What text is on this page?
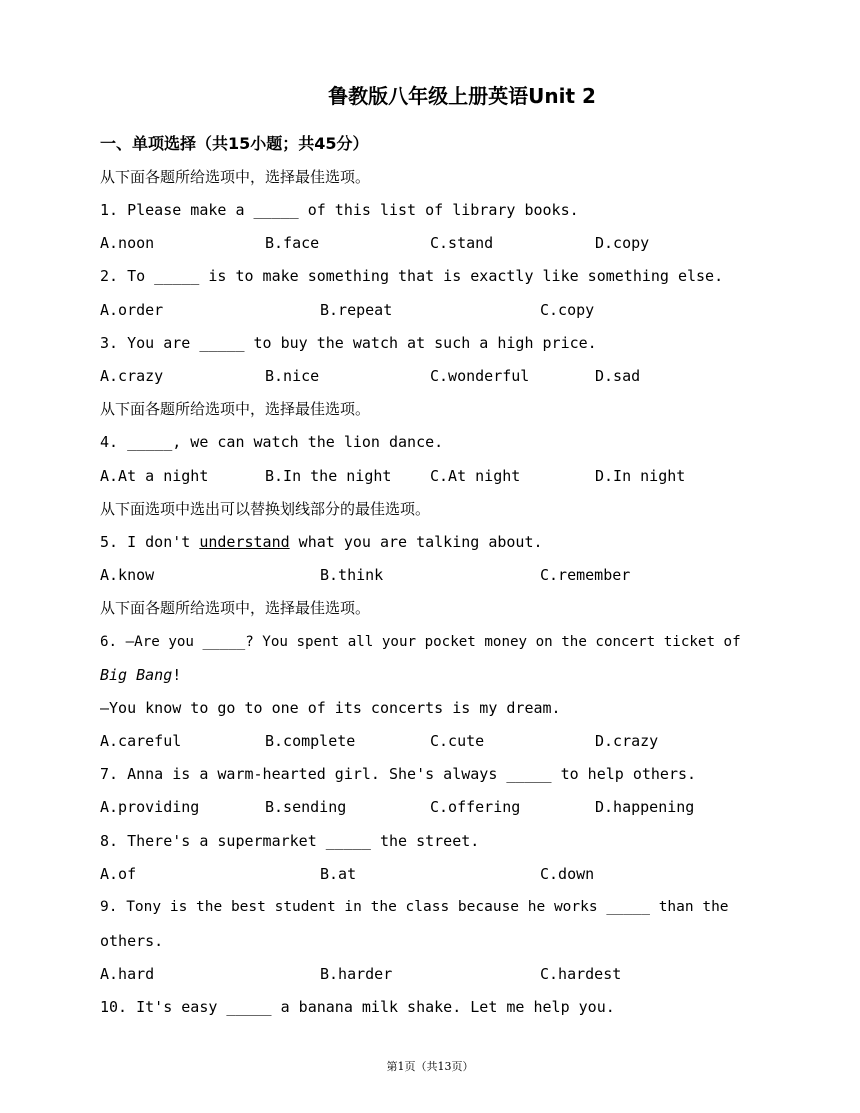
鲁教版八年级上册英语Unit 2
一、单项选择（共15小题；共45分）
从下面各题所给选项中，选择最佳选项。
1. Please make a _____ of this list of library books.
A.noon	B.face	C.stand	D.copy
2. To _____ is to make something that is exactly like something else.
A.order	B.repeat	C.copy
3. You are _____ to buy the watch at such a high price.
A.crazy	B.nice	C.wonderful	D.sad
从下面各题所给选项中，选择最佳选项。
4. _____, we can watch the lion dance.
A.At a night	B.In the night	C.At night	D.In night
从下面选项中选出可以替换划线部分的最佳选项。
5. I don't understand what you are talking about.
A.know	B.think	C.remember
从下面各题所给选项中，选择最佳选项。
6. —Are you _____? You spent all your pocket money on the concert ticket of
Big Bang!
—You know to go to one of its concerts is my dream.
A.careful	B.complete	C.cute	D.crazy
7. Anna is a warm-hearted girl. She's always _____ to help others.
A.providing	B.sending	C.offering	D.happening
8. There's a supermarket _____ the street.
A.of	B.at	C.down
9. Tony is the best student in the class because he works _____ than the
others.
A.hard	B.harder	C.hardest
10. It's easy _____ a banana milk shake. Let me help you.
第1页（共13页）
